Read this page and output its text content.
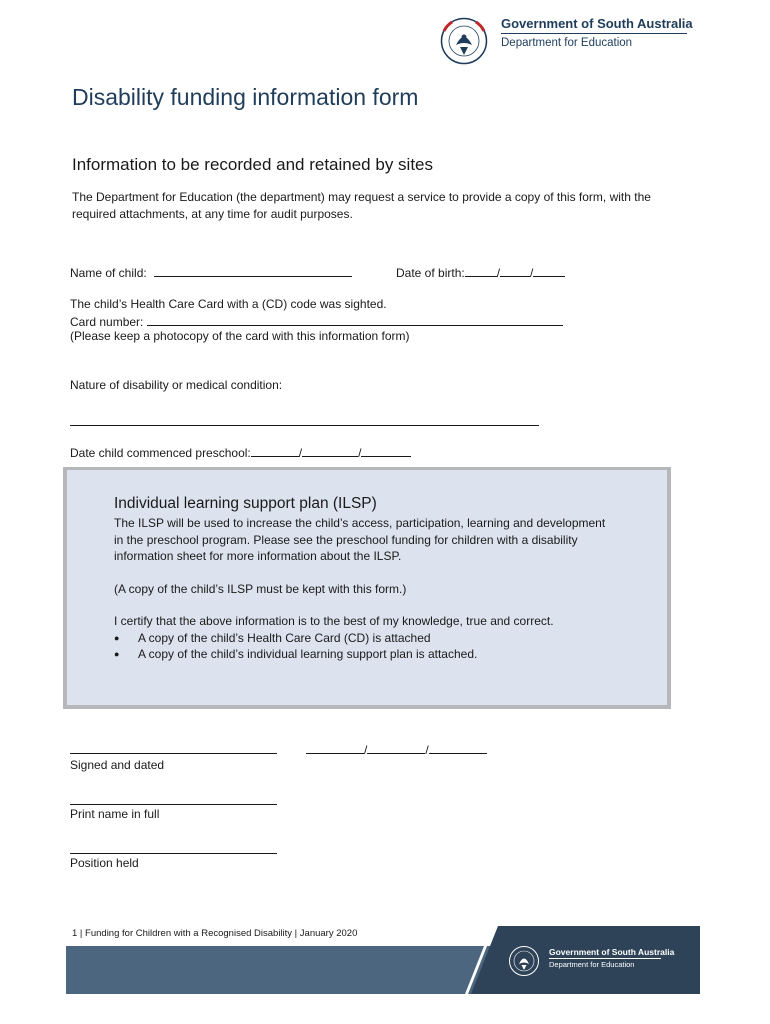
Government of South Australia
Department for Education
Disability funding information form
Information to be recorded and retained by sites
The Department for Education (the department) may request a service to provide a copy of this form, with the required attachments, at any time for audit purposes.
Name of child:	Date of birth:	/	/
The child’s Health Care Card with a (CD) code was sighted.
Card number:
(Please keep a photocopy of the card with this information form)
Nature of disability or medical condition:
Date child commenced preschool:	/	/
Individual learning support plan (ILSP)
The ILSP will be used to increase the child’s access, participation, learning and development in the preschool program. Please see the preschool funding for children with a disability information sheet for more information about the ILSP.
(A copy of the child’s ILSP must be kept with this form.)
I certify that the above information is to the best of my knowledge, true and correct.
●	A copy of the child’s Health Care Card (CD) is attached
●	A copy of the child’s individual learning support plan is attached.
/	/
Signed and dated
Print name in full
Position held
1 | Funding for Children with a Recognised Disability | January 2020
Government of South Australia
Department for Education
